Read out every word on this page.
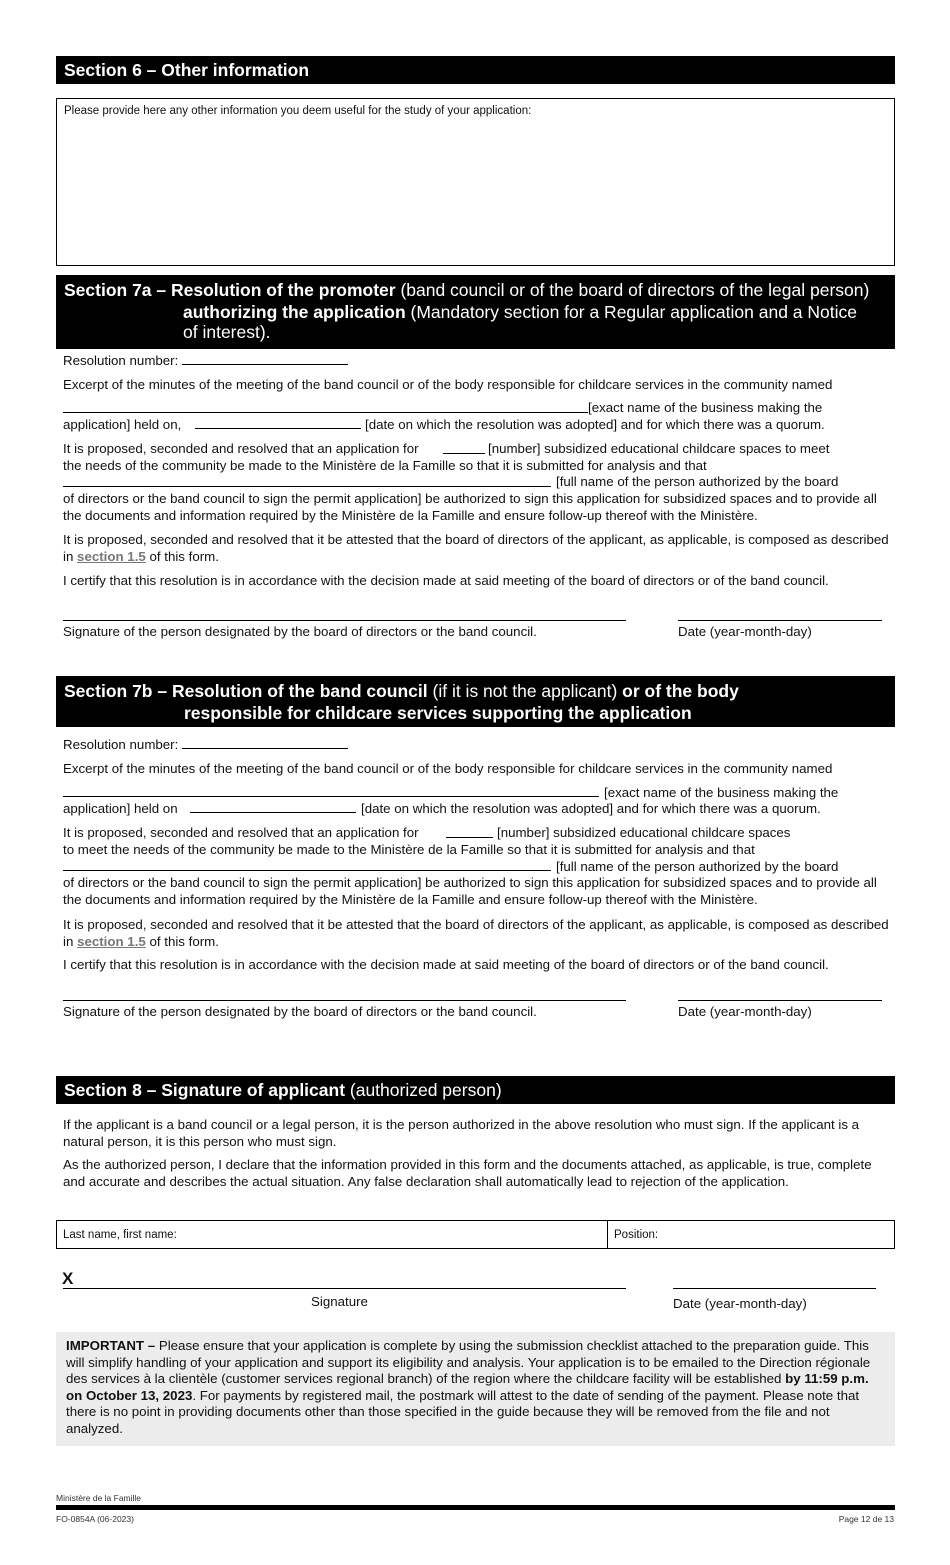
Section 6 – Other information
Please provide here any other information you deem useful for the study of your application:
Section 7a – Resolution of the promoter (band council or of the board of directors of the legal person)
authorizing the application (Mandatory section for a Regular application and a Notice
of interest).
Resolution number:
Excerpt of the minutes of the meeting of the band council or of the body responsible for childcare services in the community named
[exact name of the business making the
application] held on,	[date on which the resolution was adopted] and for which there was a quorum.
It is proposed, seconded and resolved that an application for	[number] subsidized educational childcare spaces to meet
the needs of the community be made to the Ministère de la Famille so that it is submitted for analysis and that
[full name of the person authorized by the board
of directors or the band council to sign the permit application] be authorized to sign this application for subsidized spaces and to provide all the documents and information required by the Ministère de la Famille and ensure follow-up thereof with the Ministère.
It is proposed, seconded and resolved that it be attested that the board of directors of the applicant, as applicable, is composed as described in section 1.5 of this form.
I certify that this resolution is in accordance with the decision made at said meeting of the board of directors or of the band council.
Signature of the person designated by the board of directors or the band council.	Date (year-month-day)
Section 7b – Resolution of the band council (if it is not the applicant) or of the body
responsible for childcare services supporting the application
Resolution number:
Excerpt of the minutes of the meeting of the band council or of the body responsible for childcare services in the community named
[exact name of the business making the
application] held on	[date on which the resolution was adopted] and for which there was a quorum.
It is proposed, seconded and resolved that an application for	[number] subsidized educational childcare spaces
to meet the needs of the community be made to the Ministère de la Famille so that it is submitted for analysis and that
[full name of the person authorized by the board
of directors or the band council to sign the permit application] be authorized to sign this application for subsidized spaces and to provide all the documents and information required by the Ministère de la Famille and ensure follow-up thereof with the Ministère.
It is proposed, seconded and resolved that it be attested that the board of directors of the applicant, as applicable, is composed as described in section 1.5 of this form.
I certify that this resolution is in accordance with the decision made at said meeting of the board of directors or of the band council.
Signature of the person designated by the board of directors or the band council.	Date (year-month-day)
Section 8 – Signature of applicant (authorized person)
If the applicant is a band council or a legal person, it is the person authorized in the above resolution who must sign. If the applicant is a natural person, it is this person who must sign.
As the authorized person, I declare that the information provided in this form and the documents attached, as applicable, is true, complete and accurate and describes the actual situation. Any false declaration shall automatically lead to rejection of the application.
Last name, first name:	Position:
X
Signature	Date (year-month-day)
IMPORTANT – Please ensure that your application is complete by using the submission checklist attached to the preparation guide. This will simplify handling of your application and support its eligibility and analysis. Your application is to be emailed to the Direction régionale des services à la clientèle (customer services regional branch) of the region where the childcare facility will be established by 11:59 p.m. on October 13, 2023. For payments by registered mail, the postmark will attest to the date of sending of the payment. Please note that there is no point in providing documents other than those specified in the guide because they will be removed from the file and not analyzed.
Ministère de la Famille
FO-0854A (06-2023)	Page 12 de 13
